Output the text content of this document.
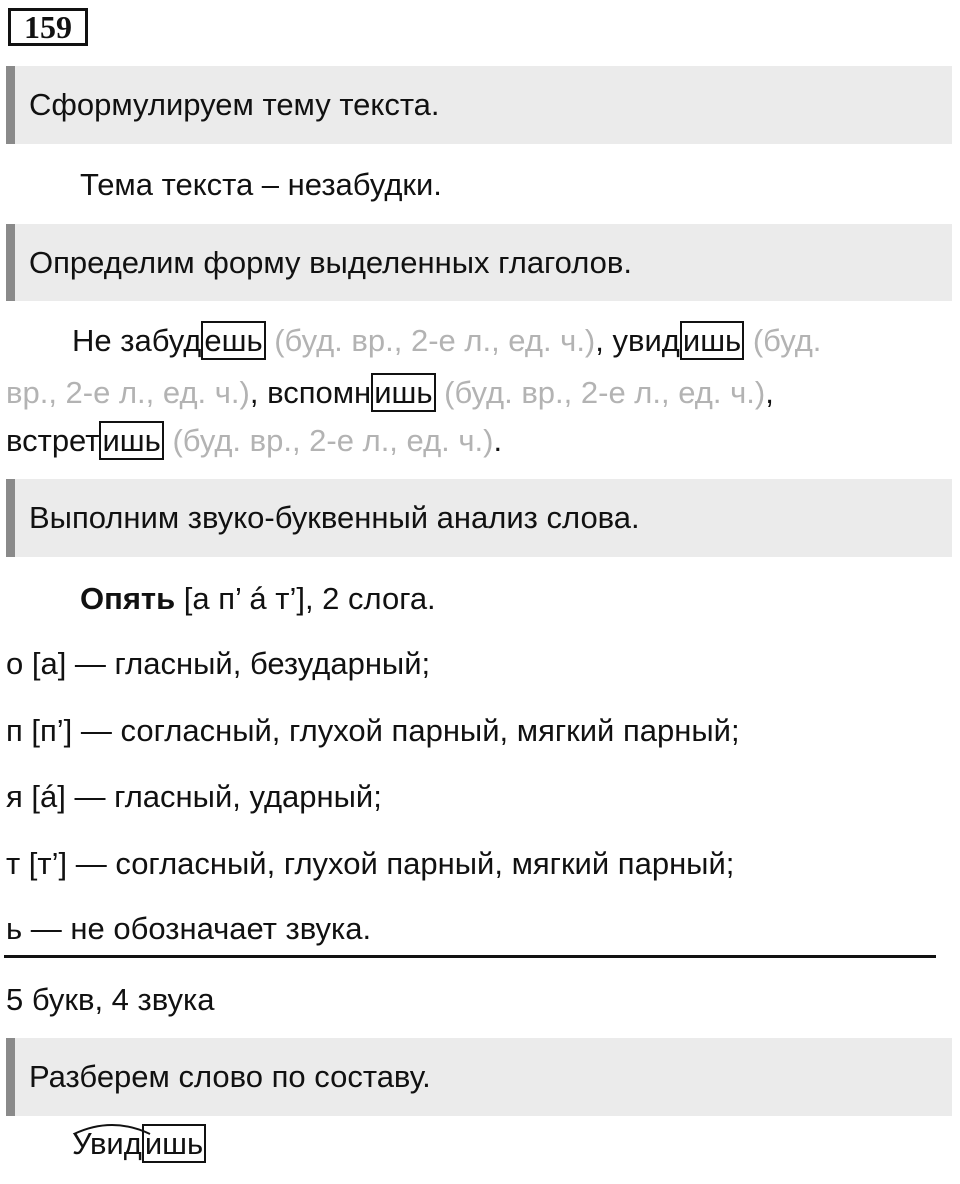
159
Сформулируем тему текста.
Тема текста – незабудки.
Определим форму выделенных глаголов.
Не забудешь (буд. вр., 2-е л., ед. ч.), увидишь (буд.
вр., 2-е л., ед. ч.), вспомнишь (буд. вр., 2-е л., ед. ч.),
встретишь (буд. вр., 2-е л., ед. ч.).
Выполним звуко-буквенный анализ слова.
Опять [а п’ á т’], 2 слога.
о [а] — гласный, безударный;
п [п’] — согласный, глухой парный, мягкий парный;
я [á] — гласный, ударный;
т [т’] — согласный, глухой парный, мягкий парный;
ь — не обозначает звука.
5 букв, 4 звука
Разберем слово по составу.
Увидишь
